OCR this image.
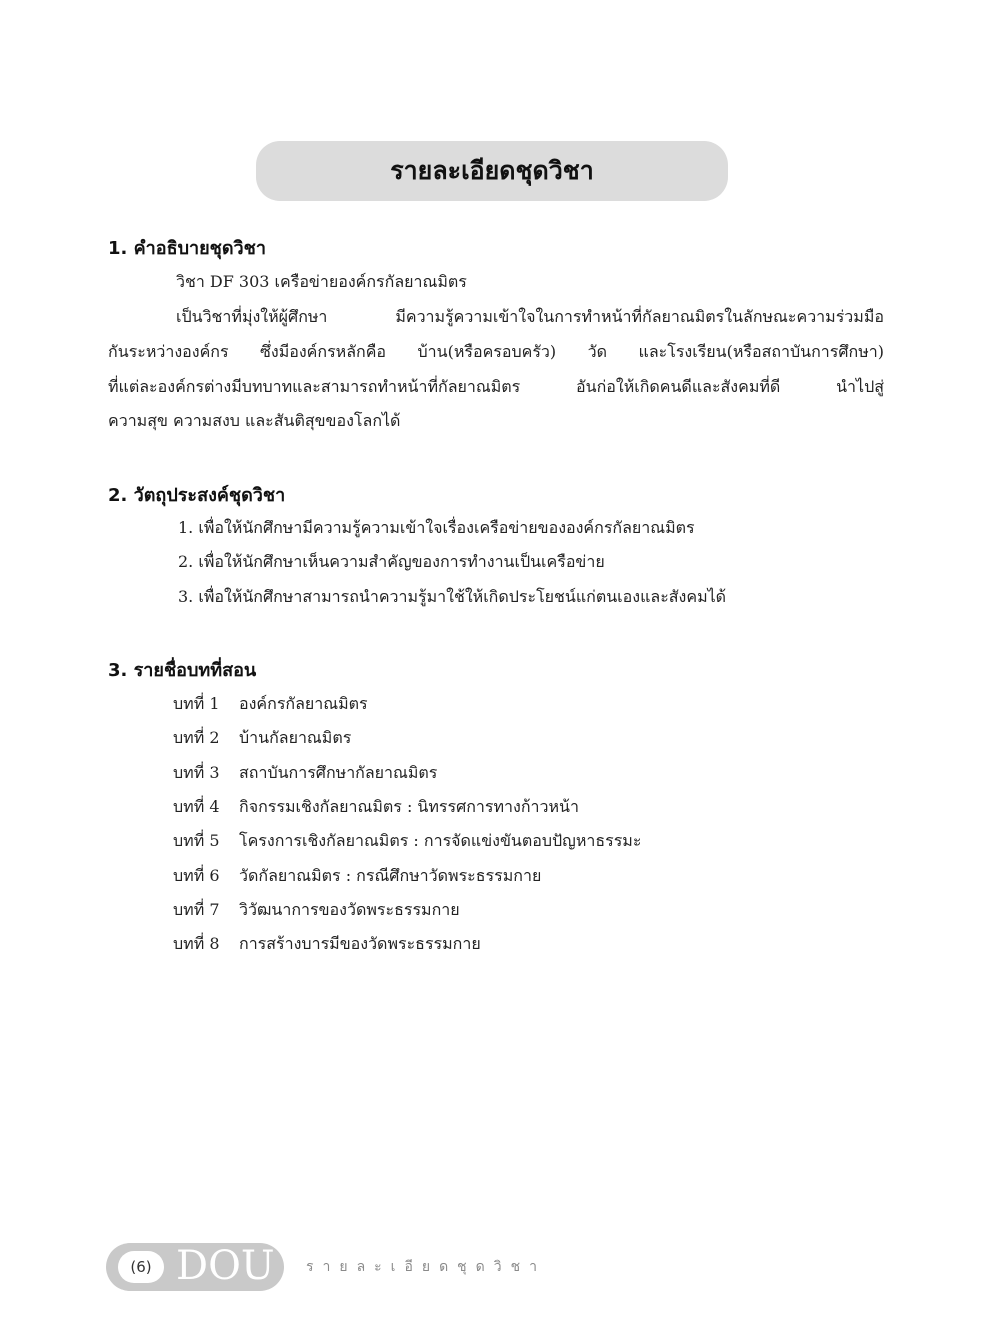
รายละเอียดชุดวิชา
1. คำอธิบายชุดวิชา
วิชา DF 303 เครือข่ายองค์กรกัลยาณมิตร
เป็นวิชาที่มุ่งให้ผู้ศึกษา มีความรู้ความเข้าใจในการทำหน้าที่กัลยาณมิตรในลักษณะความร่วมมือ
กันระหว่างองค์กร ซึ่งมีองค์กรหลักคือ บ้าน(หรือครอบครัว) วัด และโรงเรียน(หรือสถาบันการศึกษา)
ที่แต่ละองค์กรต่างมีบทบาทและสามารถทำหน้าที่กัลยาณมิตร อันก่อให้เกิดคนดีและสังคมที่ดี นำไปสู่
ความสุข ความสงบ และสันติสุขของโลกได้
2. วัตถุประสงค์ชุดวิชา
1. เพื่อให้นักศึกษามีความรู้ความเข้าใจเรื่องเครือข่ายขององค์กรกัลยาณมิตร
2. เพื่อให้นักศึกษาเห็นความสำคัญของการทำงานเป็นเครือข่าย
3. เพื่อให้นักศึกษาสามารถนำความรู้มาใช้ให้เกิดประโยชน์แก่ตนเองและสังคมได้
3. รายชื่อบทที่สอน
บทที่ 1 องค์กรกัลยาณมิตร
บทที่ 2 บ้านกัลยาณมิตร
บทที่ 3 สถาบันการศึกษากัลยาณมิตร
บทที่ 4 กิจกรรมเชิงกัลยาณมิตร : นิทรรศการทางก้าวหน้า
บทที่ 5 โครงการเชิงกัลยาณมิตร : การจัดแข่งขันตอบปัญหาธรรมะ
บทที่ 6 วัดกัลยาณมิตร : กรณีศึกษาวัดพระธรรมกาย
บทที่ 7 วิวัฒนาการของวัดพระธรรมกาย
บทที่ 8 การสร้างบารมีของวัดพระธรรมกาย
(6) DOU รายละเอียดชุดวิชา
